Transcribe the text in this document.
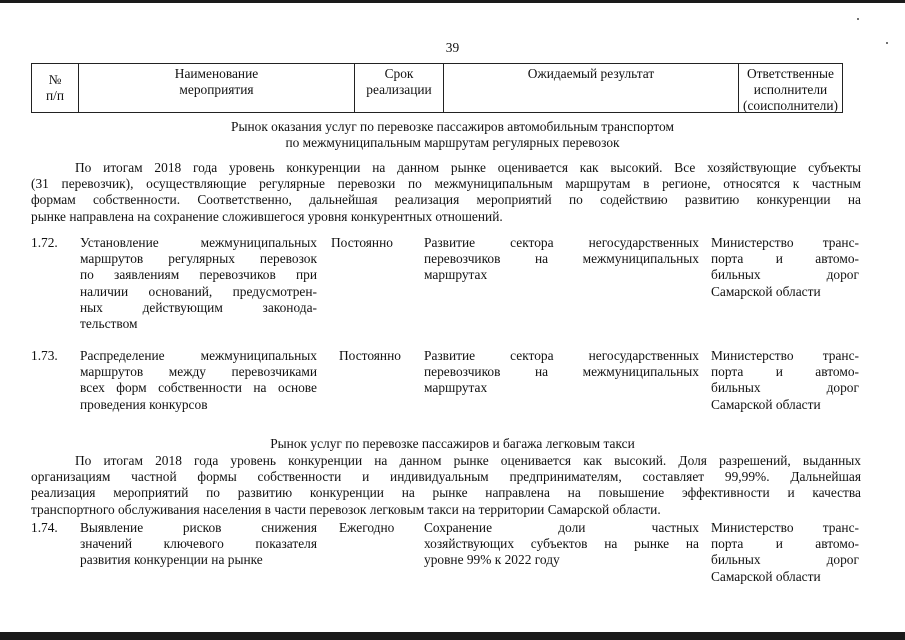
39
№
п/п
Наименование
мероприятия
Срок
реализации
Ожидаемый результат	Ответственные
исполнители
(соисполнители)
Рынок оказания услуг по перевозке пассажиров автомобильным транспортом
по межмуниципальным маршрутам регулярных перевозок
По итогам 2018 года уровень конкуренции на данном рынке оценивается как высокий. Все хозяйствующие субъекты
(31 перевозчик), осуществляющие регулярные перевозки по межмуниципальным маршрутам в регионе, относятся к частным
формам собственности. Соответственно, дальнейшая реализация мероприятий по содействию развитию конкуренции на
рынке направлена на сохранение сложившегося уровня конкурентных отношений.
1.72. Установление межмуниципальных
маршрутов регулярных перевозок
по заявлениям перевозчиков при
наличии оснований, предусмотрен-
ных действующим законода-
тельством
Постоянно Развитие сектора негосударственных
перевозчиков на межмуниципальных
маршрутах
Министерство транс-
порта и автомо-
бильных дорог
Самарской области
1.73. Распределение межмуниципальных
маршрутов между перевозчиками
всех форм собственности на основе
проведения конкурсов
Постоянно Развитие сектора негосударственных
перевозчиков на межмуниципальных
маршрутах
Министерство транс-
порта и автомо-
бильных дорог
Самарской области
Рынок услуг по перевозке пассажиров и багажа легковым такси
По итогам 2018 года уровень конкуренции на данном рынке оценивается как высокий. Доля разрешений, выданных
организациям частной формы собственности и индивидуальным предпринимателям, составляет 99,99%. Дальнейшая
реализация мероприятий по развитию конкуренции на рынке направлена на повышение эффективности и качества
транспортного обслуживания населения в части перевозок легковым такси на территории Самарской области.
1.74. Выявление рисков снижения
значений ключевого показателя
развития конкуренции на рынке
Ежегодно Сохранение доли частных
хозяйствующих субъектов на рынке на
уровне 99% к 2022 году
Министерство транс-
порта и автомо-
бильных дорог
Самарской области
